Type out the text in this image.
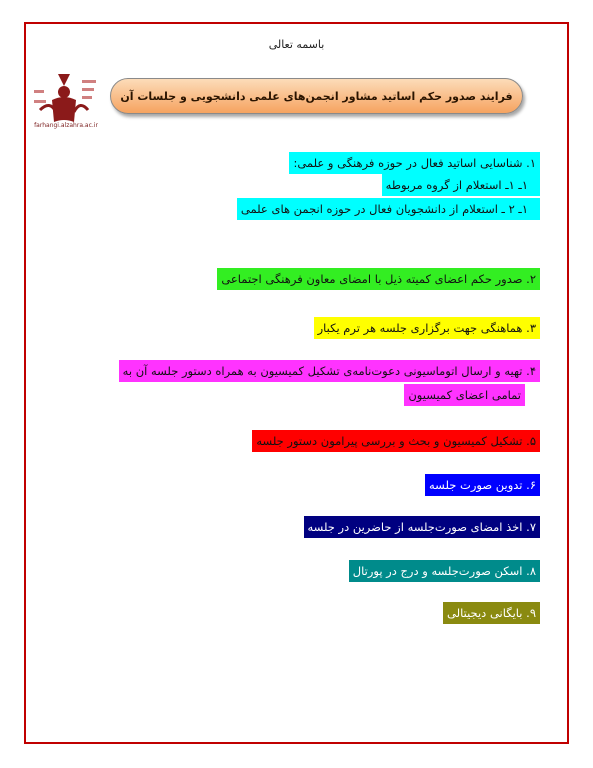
باسمه تعالی
farhangi.alzahra.ac.ir
فرایند صدور حکم اساتید مشاور انجمن‌های علمی دانشجویی و جلسات آن
۱. شناسایی اساتید فعال در حوزه فرهنگی و علمی:
۱ـ ۱ـ استعلام از گروه مربوطه
۱ـ ۲ ـ استعلام از دانشجویان فعال در حوزه انجمن های علمی
۲. صدور حکم اعضای کمیته ذیل با امضای معاون فرهنگی اجتماعی
۳. هماهنگی جهت برگزاری جلسه هر ترم یکبار
۴. تهیه و ارسال اتوماسیونی دعوت‌نامه‌ی تشکیل کمیسیون به همراه دستور جلسه آن به
تمامی اعضای کمیسیون
۵. تشکیل کمیسیون و بحث و بررسی پیرامون دستور جلسه
۶. تدوین صورت جلسه
۷. اخذ امضای صورت‌جلسه از حاضرین در جلسه
۸. اسکن صورت‌جلسه و درج در پورتال
۹. بایگانی دیجیتالی
